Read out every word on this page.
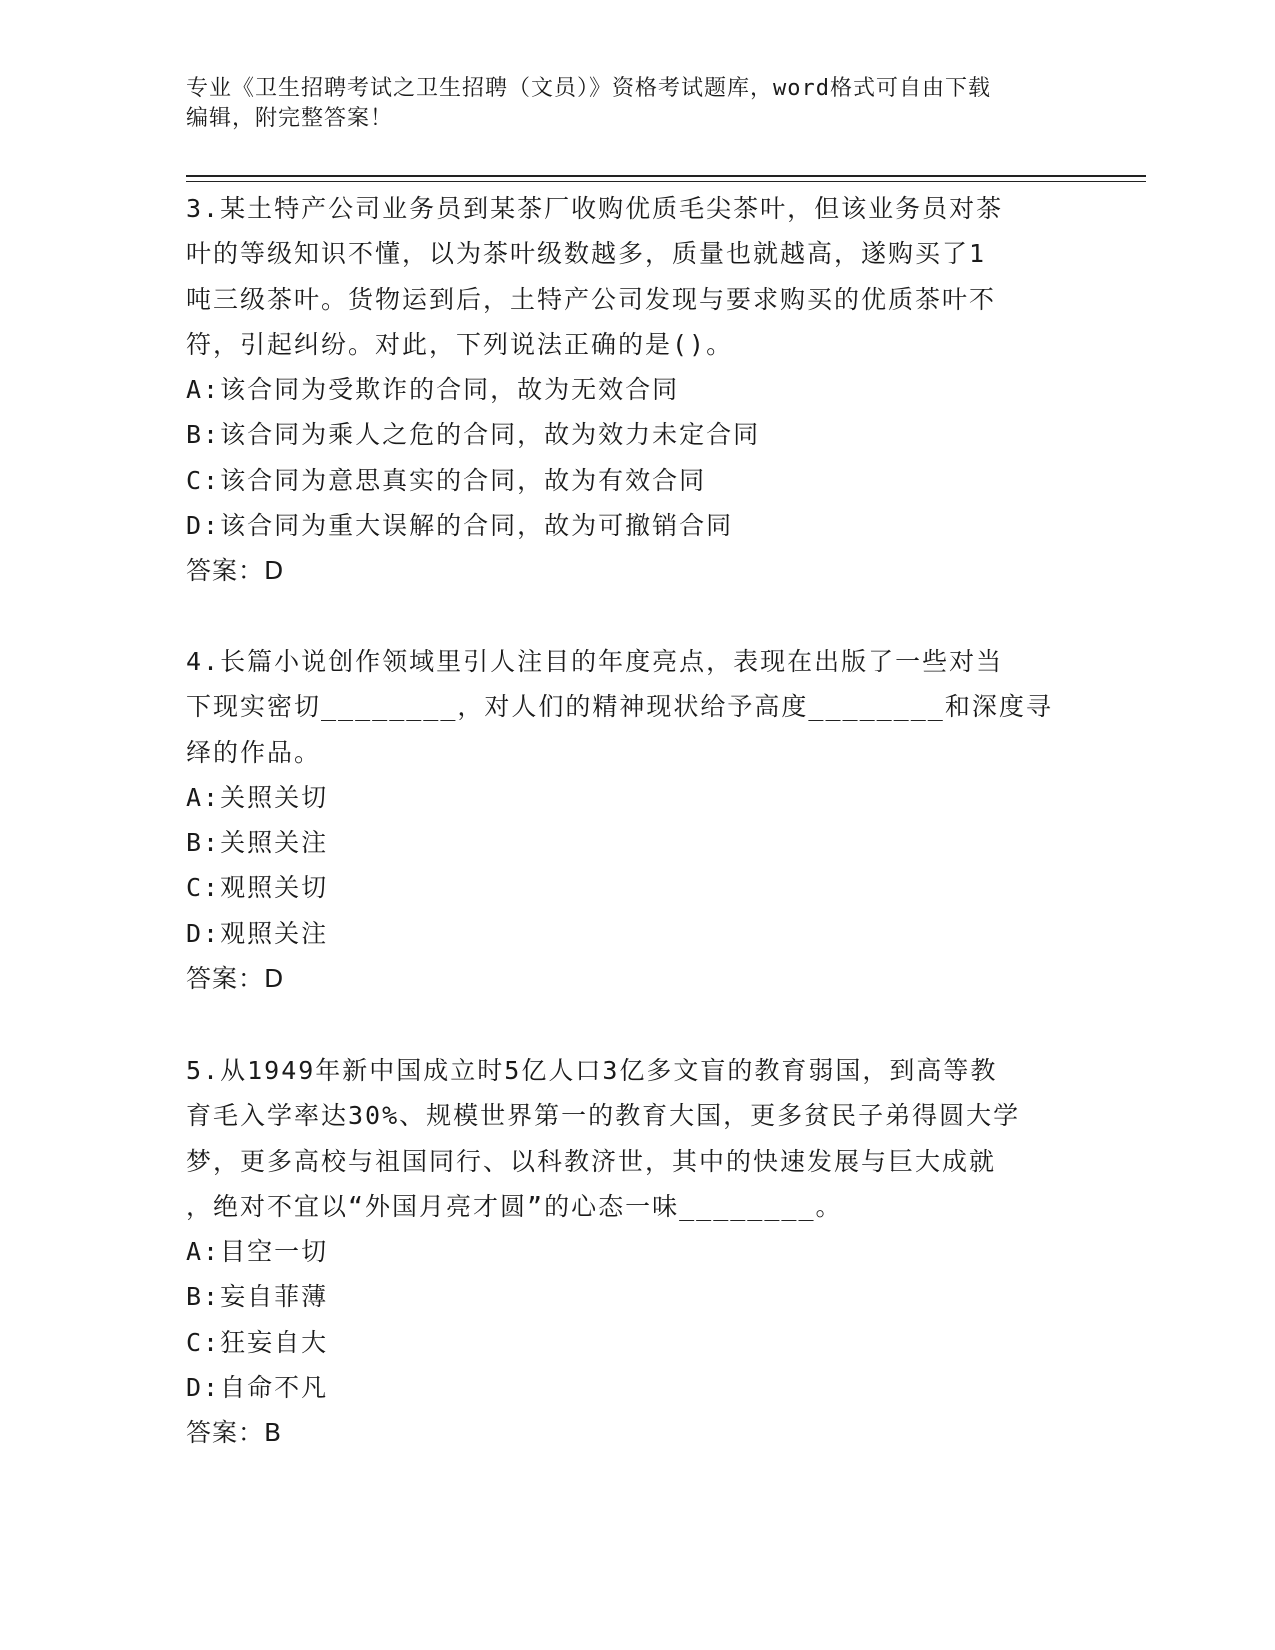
专业《卫生招聘考试之卫生招聘（文员）》资格考试题库，word格式可自由下载
编辑，附完整答案！
3.某土特产公司业务员到某茶厂收购优质毛尖茶叶，但该业务员对茶
叶的等级知识不懂，以为茶叶级数越多，质量也就越高，遂购买了1
吨三级茶叶。货物运到后，土特产公司发现与要求购买的优质茶叶不
符，引起纠纷。对此，下列说法正确的是()。
A:该合同为受欺诈的合同，故为无效合同
B:该合同为乘人之危的合同，故为效力未定合同
C:该合同为意思真实的合同，故为有效合同
D:该合同为重大误解的合同，故为可撤销合同
答案：D
4.长篇小说创作领域里引人注目的年度亮点，表现在出版了一些对当
下现实密切________，对人们的精神现状给予高度________和深度寻
绎的作品。
A:关照关切
B:关照关注
C:观照关切
D:观照关注
答案：D
5.从1949年新中国成立时5亿人口3亿多文盲的教育弱国，到高等教
育毛入学率达30%、规模世界第一的教育大国，更多贫民子弟得圆大学
梦，更多高校与祖国同行、以科教济世，其中的快速发展与巨大成就
，绝对不宜以“外国月亮才圆”的心态一味________。
A:目空一切
B:妄自菲薄
C:狂妄自大
D:自命不凡
答案：B
